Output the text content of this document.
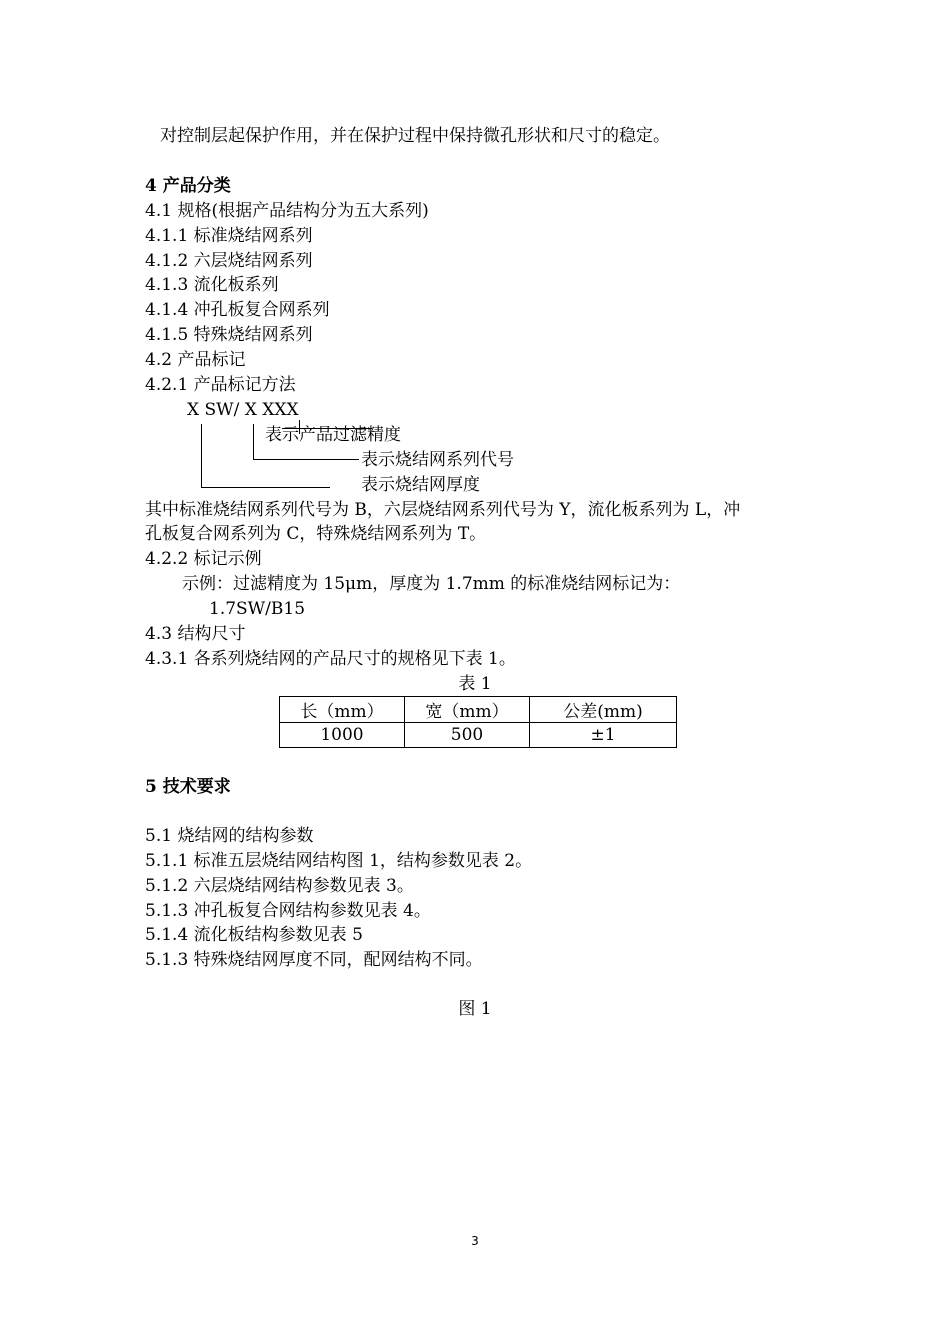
对控制层起保护作用，并在保护过程中保持微孔形状和尺寸的稳定。
4 产品分类
4.1 规格(根据产品结构分为五大系列)
4.1.1 标准烧结网系列
4.1.2 六层烧结网系列
4.1.3 流化板系列
4.1.4 冲孔板复合网系列
4.1.5 特殊烧结网系列
4.2 产品标记
4.2.1 产品标记方法
X SW/ X XXX
表示产品过滤精度
表示烧结网系列代号
表示烧结网厚度
其中标准烧结网系列代号为 B，六层烧结网系列代号为 Y，流化板系列为 L，冲
孔板复合网系列为 C，特殊烧结网系列为 T。
4.2.2 标记示例
示例：过滤精度为 15μm，厚度为 1.7mm 的标准烧结网标记为：
1.7SW/B15
4.3 结构尺寸
4.3.1 各系列烧结网的产品尺寸的规格见下表 1。
表 1
长（mm）	宽（mm）	公差(mm)
1000	500	±1
5 技术要求
5.1 烧结网的结构参数
5.1.1 标准五层烧结网结构图 1，结构参数见表 2。
5.1.2 六层烧结网结构参数见表 3。
5.1.3 冲孔板复合网结构参数见表 4。
5.1.4 流化板结构参数见表 5
5.1.3 特殊烧结网厚度不同，配网结构不同。
图 1
3
